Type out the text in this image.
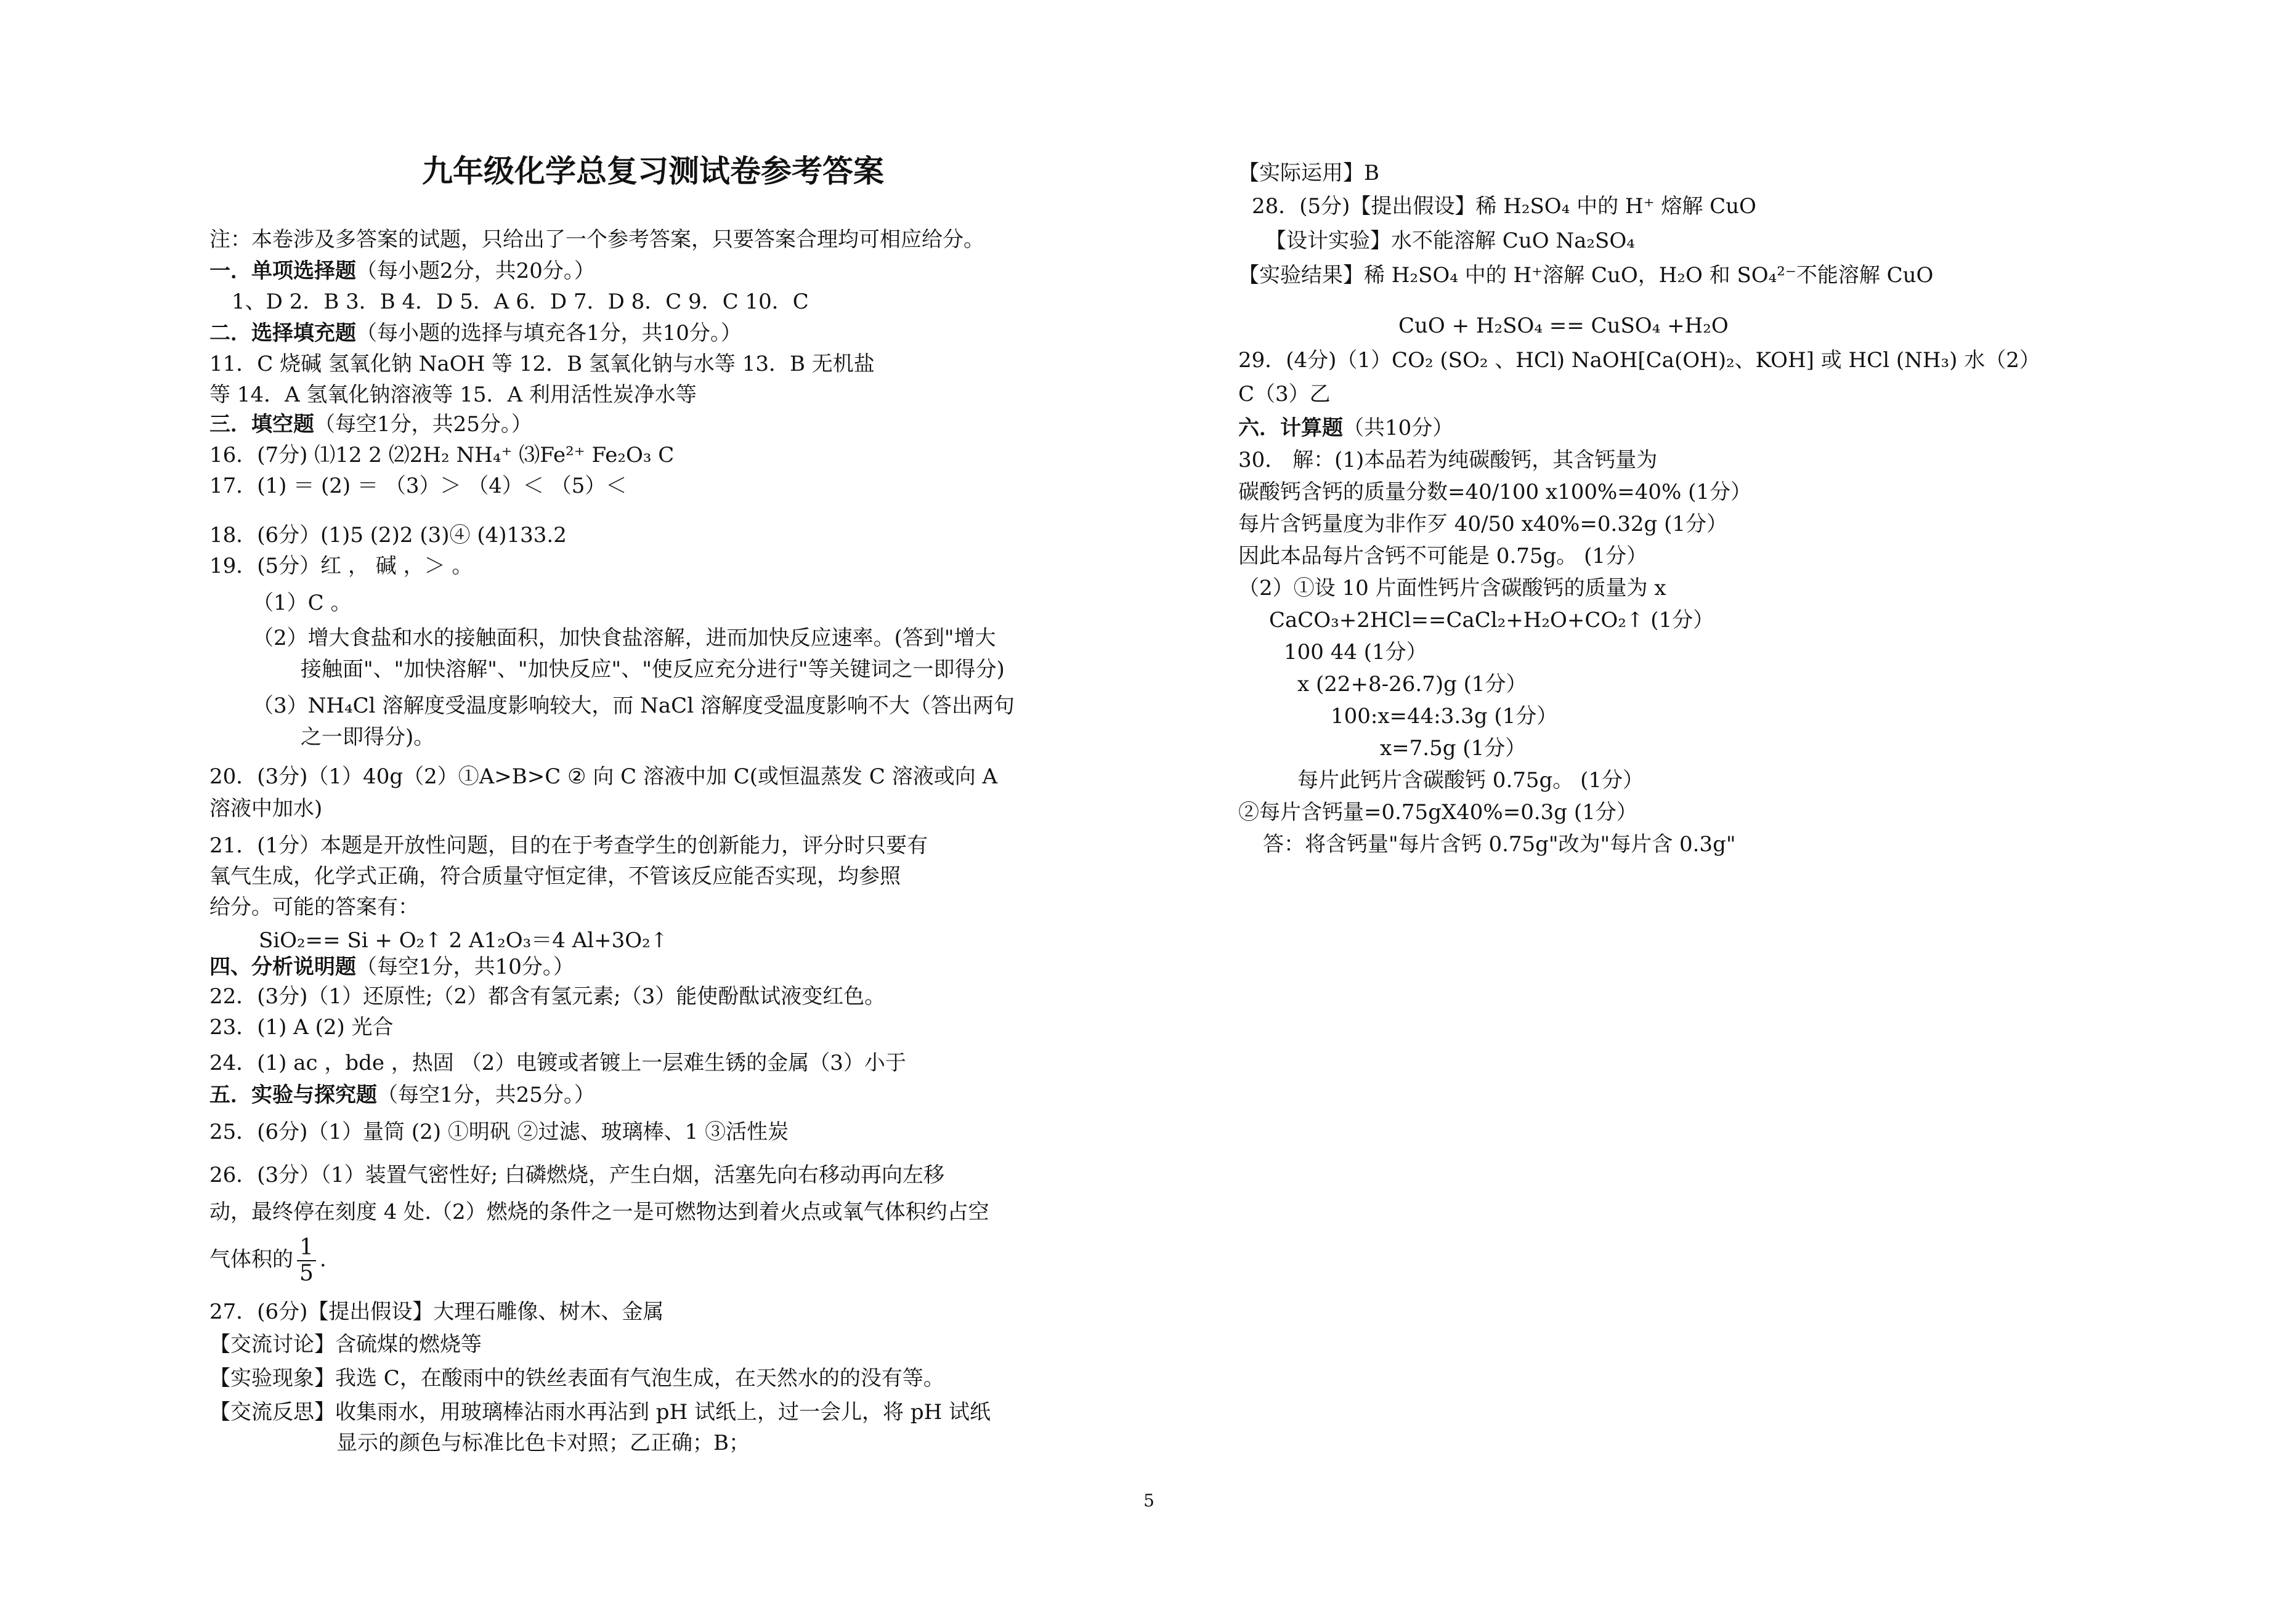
九年级化学总复习测试卷参考答案
注：本卷涉及多答案的试题，只给出了一个参考答案，只要答案合理均可相应给分。
一．单项选择题（每小题2分，共20分。）
1、D 2．B 3．B 4．D 5．A 6．D 7．D 8．C 9．C 10．C
二．选择填充题（每小题的选择与填充各1分，共10分。）
11．C 烧碱 氢氧化钠 NaOH 等 12．B 氢氧化钠与水等 13．B 无机盐
等 14．A 氢氧化钠溶液等 15．A 利用活性炭净水等
三．填空题（每空1分，共25分。）
16．(7分) ⑴12 2 ⑵2H₂ NH₄⁺ ⑶Fe²⁺ Fe₂O₃ C
17．(1) ＝ (2) ＝ （3）＞ （4）＜ （5）＜
18．(6分）(1)5 (2)2 (3)④ (4)133.2
19．(5分）红 ， 碱 ，＞ 。
（1）C 。
（2）增大食盐和水的接触面积，加快食盐溶解，进而加快反应速率。(答到"增大
接触面"、"加快溶解"、"加快反应"、"使反应充分进行"等关键词之一即得分)
（3）NH₄Cl 溶解度受温度影响较大，而 NaCl 溶解度受温度影响不大（答出两句
之一即得分)。
20．(3分)（1）40g（2）①A>B>C ② 向 C 溶液中加 C(或恒温蒸发 C 溶液或向 A
溶液中加水)
21．(1分）本题是开放性问题，目的在于考查学生的创新能力，评分时只要有
氧气生成，化学式正确，符合质量守恒定律，不管该反应能否实现，均参照
给分。可能的答案有：
SiO₂== Si + O₂↑ 2 A1₂O₃＝4 Al+3O₂↑
四、分析说明题（每空1分，共10分。）
22．(3分)（1）还原性;（2）都含有氢元素;（3）能使酚酞试液变红色。
23．(1) A (2) 光合
24．(1) ac ，bde ，热固 （2）电镀或者镀上一层难生锈的金属（3）小于
五．实验与探究题（每空1分，共25分。）
25．(6分)（1）量筒 (2) ①明矾 ②过滤、玻璃棒、1 ③活性炭
26．(3分）（1）装置气密性好; 白磷燃烧，产生白烟，活塞先向右移动再向左移
动，最终停在刻度 4 处.（2）燃烧的条件之一是可燃物达到着火点或氧气体积约占空
气体积的 $\frac{1}{5}$ .
27．(6分)【提出假设】大理石雕像、树木、金属
【交流讨论】含硫煤的燃烧等
【实验现象】我选 C，在酸雨中的铁丝表面有气泡生成，在天然水的的没有等。
【交流反思】收集雨水，用玻璃棒沾雨水再沾到 pH 试纸上，过一会儿，将 pH 试纸
显示的颜色与标准比色卡对照；乙正确；B；
【实际运用】B
28．(5分)【提出假设】稀 H₂SO₄ 中的 H⁺ 熔解 CuO
【设计实验】水不能溶解 CuO Na₂SO₄
【实验结果】稀 H₂SO₄ 中的 H⁺溶解 CuO，H₂O 和 SO₄²⁻不能溶解 CuO
CuO + H₂SO₄ == CuSO₄ +H₂O
29．(4分)（1）CO₂ (SO₂ 、HCl) NaOH[Ca(OH)₂、KOH] 或 HCl (NH₃) 水（2）
C（3）乙
六．计算题（共10分）
30． 解：(1)本品若为纯碳酸钙，其含钙量为
碳酸钙含钙的质量分数=40/100 x100%=40% (1分）
每片含钙量度为非作歹 40/50 x40%=0.32g (1分）
因此本品每片含钙不可能是 0.75g。 (1分）
（2）①设 10 片面性钙片含碳酸钙的质量为 x
CaCO₃+2HCl==CaCl₂+H₂O+CO₂↑ (1分）
100 44 (1分）
x (22+8-26.7)g (1分）
100:x=44:3.3g (1分）
x=7.5g (1分）
每片此钙片含碳酸钙 0.75g。 (1分）
②每片含钙量=0.75gX40%=0.3g (1分）
答：将含钙量"每片含钙 0.75g"改为"每片含 0.3g"
5
